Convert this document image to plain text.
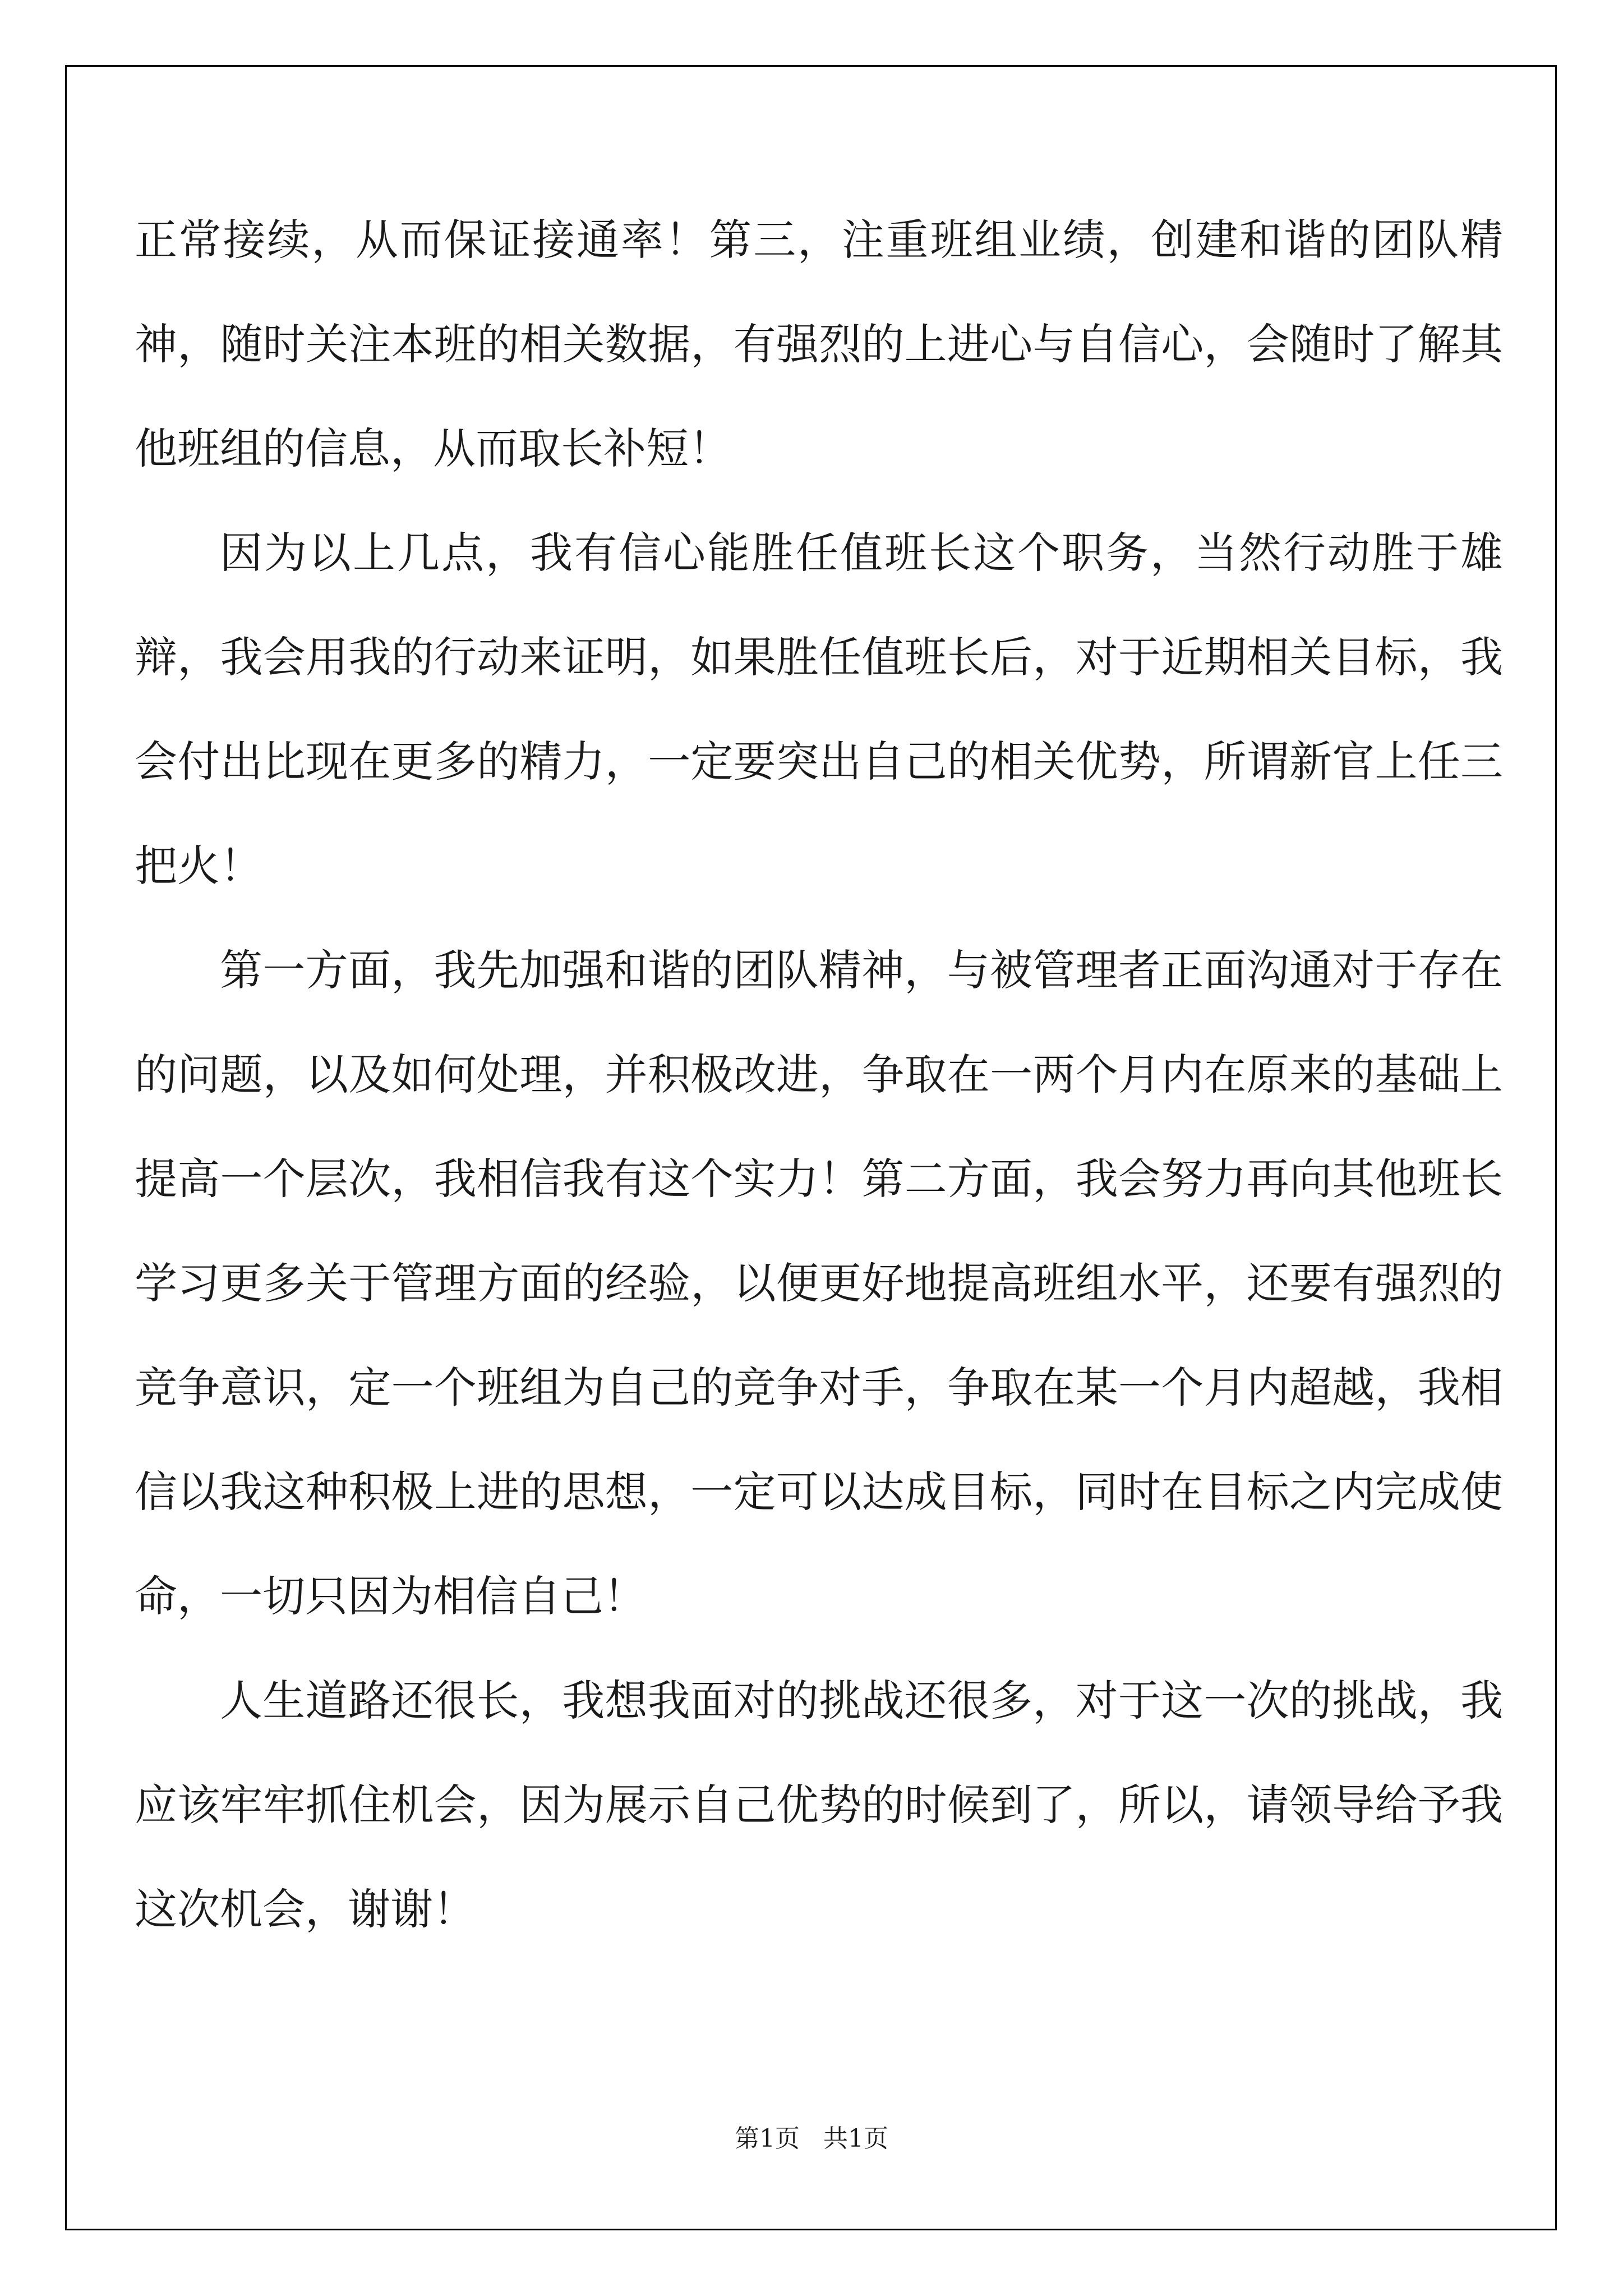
正常接续，从而保证接通率！第三，注重班组业绩，创建和谐的团队精神，随时关注本班的相关数据，有强烈的上进心与自信心，会随时了解其他班组的信息，从而取长补短！

因为以上几点，我有信心能胜任值班长这个职务，当然行动胜于雄辩，我会用我的行动来证明，如果胜任值班长后，对于近期相关目标，我会付出比现在更多的精力，一定要突出自己的相关优势，所谓新官上任三把火！

第一方面，我先加强和谐的团队精神，与被管理者正面沟通对于存在的问题，以及如何处理，并积极改进，争取在一两个月内在原来的基础上提高一个层次，我相信我有这个实力！第二方面，我会努力再向其他班长学习更多关于管理方面的经验，以便更好地提高班组水平，还要有强烈的竞争意识，定一个班组为自己的竞争对手，争取在某一个月内超越，我相信以我这种积极上进的思想，一定可以达成目标，同时在目标之内完成使命，一切只因为相信自己！

人生道路还很长，我想我面对的挑战还很多，对于这一次的挑战，我应该牢牢抓住机会，因为展示自己优势的时候到了，所以，请领导给予我这次机会，谢谢！

第1页   共1页
